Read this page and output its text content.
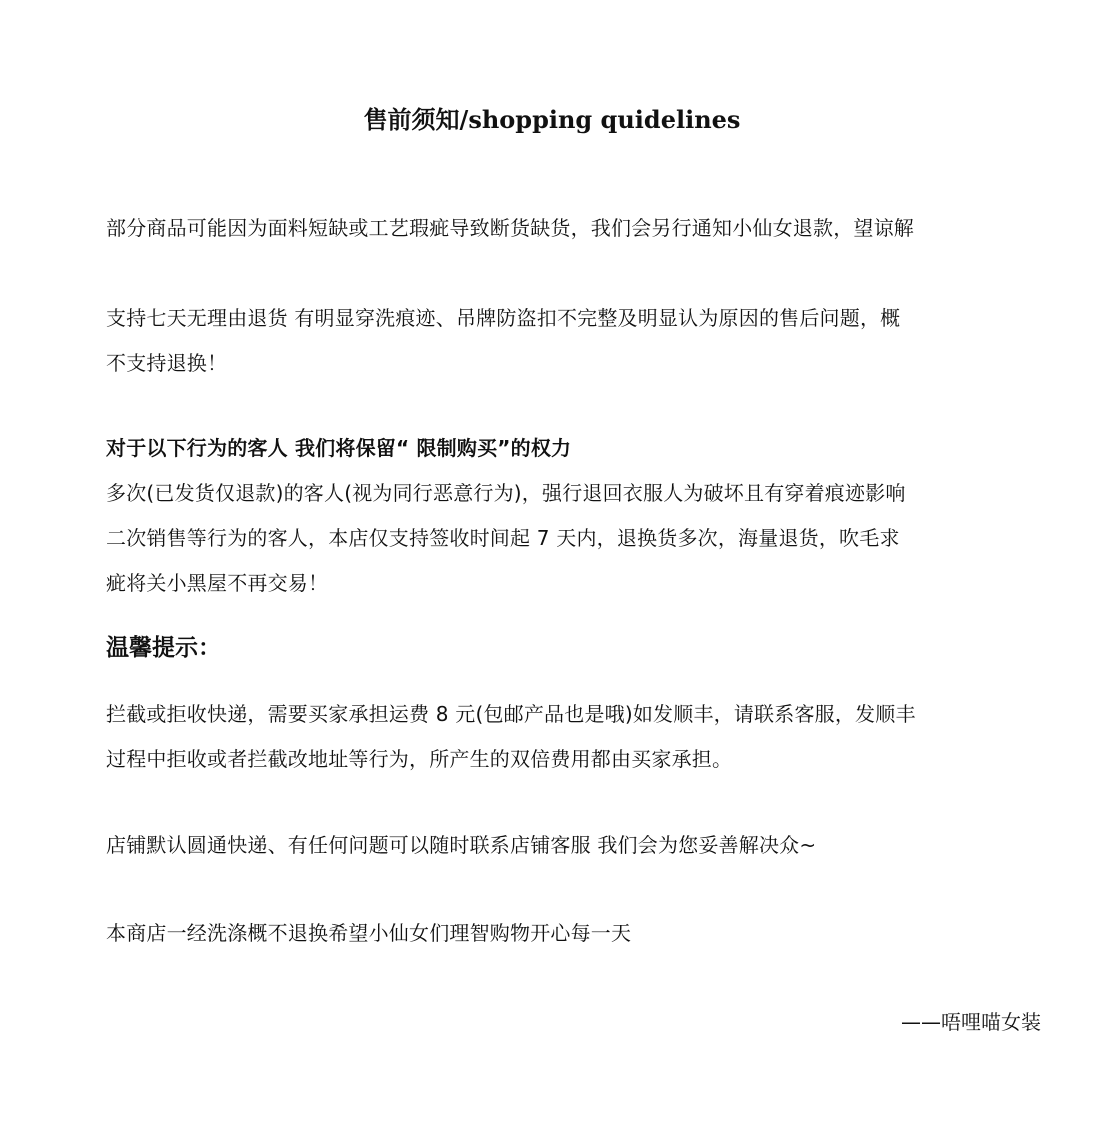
售前须知/shopping quidelines

部分商品可能因为面料短缺或工艺瑕疵导致断货缺货，我们会另行通知小仙女退款，望谅解

支持七天无理由退货 有明显穿洗痕迹、吊牌防盗扣不完整及明显认为原因的售后问题，概
不支持退换！

对于以下行为的客人 我们将保留“ 限制购买”的权力
多次(已发货仅退款)的客人(视为同行恶意行为)，强行退回衣服人为破坏且有穿着痕迹影响
二次销售等行为的客人，本店仅支持签收时间起 7 天内，退换货多次，海量退货，吹毛求
疵将关小黑屋不再交易！

温馨提示：

拦截或拒收快递，需要买家承担运费 8 元(包邮产品也是哦)如发顺丰，请联系客服，发顺丰
过程中拒收或者拦截改地址等行为，所产生的双倍费用都由买家承担。

店铺默认圆通快递、有任何问题可以随时联系店铺客服 我们会为您妥善解决众~

本商店一经洗涤概不退换希望小仙女们理智购物开心每一天

——唔哩喵女装
